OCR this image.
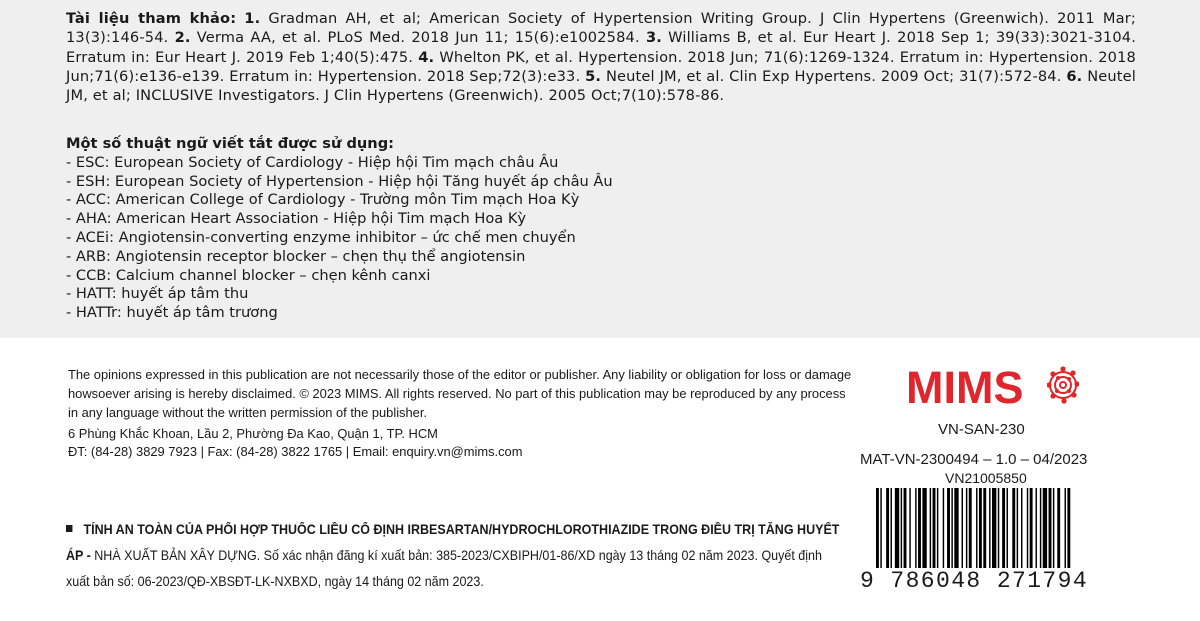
Tài liệu tham khảo: 1. Gradman AH, et al; American Society of Hypertension Writing Group. J Clin Hypertens (Greenwich). 2011 Mar; 13(3):146-54. 2. Verma AA, et al. PLoS Med. 2018 Jun 11; 15(6):e1002584. 3. Williams B, et al. Eur Heart J. 2018 Sep 1; 39(33):3021-3104. Erratum in: Eur Heart J. 2019 Feb 1;40(5):475. 4. Whelton PK, et al. Hypertension. 2018 Jun; 71(6):1269-1324. Erratum in: Hypertension. 2018 Jun;71(6):e136-e139. Erratum in: Hypertension. 2018 Sep;72(3):e33. 5. Neutel JM, et al. Clin Exp Hypertens. 2009 Oct; 31(7):572-84. 6. Neutel JM, et al; INCLUSIVE Investigators. J Clin Hypertens (Greenwich). 2005 Oct;7(10):578-86.
Một số thuật ngữ viết tắt được sử dụng:
- ESC: European Society of Cardiology - Hiệp hội Tim mạch châu Âu
- ESH: European Society of Hypertension - Hiệp hội Tăng huyết áp châu Âu
- ACC: American College of Cardiology - Trường môn Tim mạch Hoa Kỳ
- AHA: American Heart Association - Hiệp hội Tim mạch Hoa Kỳ
- ACEi: Angiotensin-converting enzyme inhibitor – ức chế men chuyển
- ARB: Angiotensin receptor blocker – chẹn thụ thể angiotensin
- CCB: Calcium channel blocker – chẹn kênh canxi
- HATT: huyết áp tâm thu
- HATTr: huyết áp tâm trương
The opinions expressed in this publication are not necessarily those of the editor or publisher. Any liability or obligation for loss or damage howsoever arising is hereby disclaimed. © 2023 MIMS. All rights reserved. No part of this publication may be reproduced by any process in any language without the written permission of the publisher.
6 Phùng Khắc Khoan, Lầu 2, Phường Đa Kao, Quận 1, TP. HCM
ĐT: (84-28) 3829 7923 | Fax: (84-28) 3822 1765 | Email: enquiry.vn@mims.com
TÍNH AN TOÀN CỦA PHỐI HỢP THUỐC LIỀU CỐ ĐỊNH IRBESARTAN/HYDROCHLOROTHIAZIDE TRONG ĐIỀU TRỊ TĂNG HUYẾT ÁP - NHÀ XUẤT BẢN XÂY DỰNG. Số xác nhận đăng kí xuất bản: 385-2023/CXBIPH/01-86/XD ngày 13 tháng 02 năm 2023. Quyết định xuất bản số: 06-2023/QĐ-XBSĐT-LK-NXBXD, ngày 14 tháng 02 năm 2023.
MIMS
VN-SAN-230
MAT-VN-2300494 – 1.0 – 04/2023
VN21005850
9 786048 271794
